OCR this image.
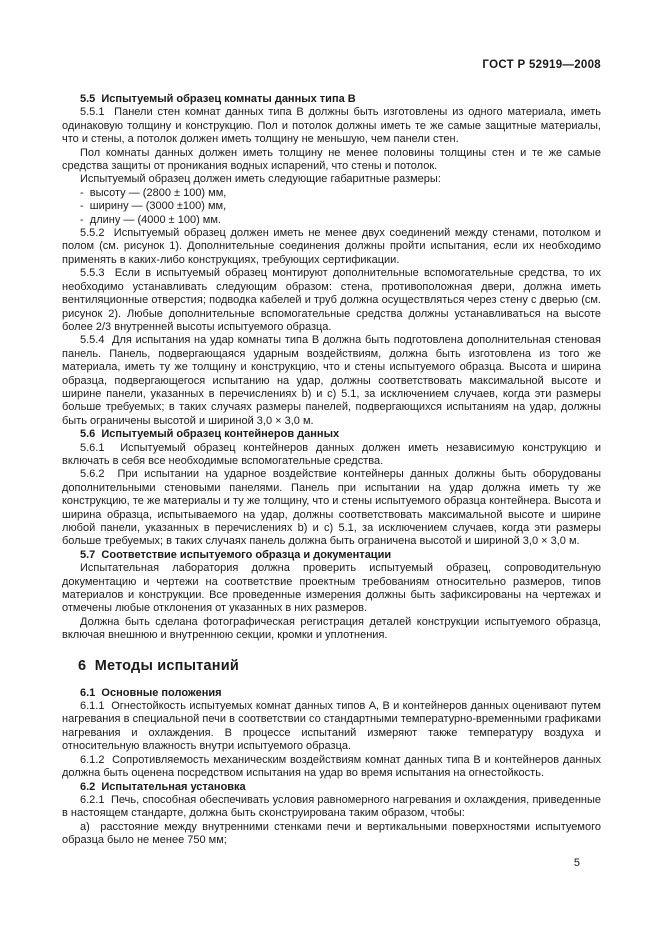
ГОСТ Р 52919—2008
5.5  Испытуемый образец комнаты данных типа В
5.5.1  Панели стен комнат данных типа В должны быть изготовлены из одного материала, иметь одинаковую толщину и конструкцию. Пол и потолок должны иметь те же самые защитные материалы, что и стены, а потолок должен иметь толщину не меньшую, чем панели стен.
Пол комнаты данных должен иметь толщину не менее половины толщины стен и те же самые средства защиты от проникания водных испарений, что стены и потолок.
Испытуемый образец должен иметь следующие габаритные размеры:
-  высоту — (2800 ± 100) мм,
-  ширину — (3000 ±100) мм,
-  длину — (4000 ± 100) мм.
5.5.2  Испытуемый образец должен иметь не менее двух соединений между стенами, потолком и полом (см. рисунок 1). Дополнительные соединения должны пройти испытания, если их необходимо применять в каких-либо конструкциях, требующих сертификации.
5.5.3  Если в испытуемый образец монтируют дополнительные вспомогательные средства, то их необходимо устанавливать следующим образом: стена, противоположная двери, должна иметь вентиляционные отверстия; подводка кабелей и труб должна осуществляться через стену с дверью (см. рисунок 2). Любые дополнительные вспомогательные средства должны устанавливаться на высоте более 2/3 внутренней высоты испытуемого образца.
5.5.4  Для испытания на удар комнаты типа В должна быть подготовлена дополнительная стеновая панель. Панель, подвергающаяся ударным воздействиям, должна быть изготовлена из того же материала, иметь ту же толщину и конструкцию, что и стены испытуемого образца. Высота и ширина образца, подвергающегося испытанию на удар, должны соответствовать максимальной высоте и ширине панели, указанных в перечислениях b) и c) 5.1, за исключением случаев, когда эти размеры больше требуемых; в таких случаях размеры панелей, подвергающихся испытаниям на удар, должны быть ограничены высотой и шириной 3,0 × 3,0 м.
5.6  Испытуемый образец контейнеров данных
5.6.1  Испытуемый образец контейнеров данных должен иметь независимую конструкцию и включать в себя все необходимые вспомогательные средства.
5.6.2  При испытании на ударное воздействие контейнеры данных должны быть оборудованы дополнительными стеновыми панелями. Панель при испытании на удар должна иметь ту же конструкцию, те же материалы и ту же толщину, что и стены испытуемого образца контейнера. Высота и ширина образца, испытываемого на удар, должны соответствовать максимальной высоте и ширине любой панели, указанных в перечислениях b) и c) 5.1, за исключением случаев, когда эти размеры больше требуемых; в таких случаях панель должна быть ограничена высотой и шириной 3,0 × 3,0 м.
5.7  Соответствие испытуемого образца и документации
Испытательная лаборатория должна проверить испытуемый образец, сопроводительную документацию и чертежи на соответствие проектным требованиям относительно размеров, типов материалов и конструкции. Все проведенные измерения должны быть зафиксированы на чертежах и отмечены любые отклонения от указанных в них размеров.
Должна быть сделана фотографическая регистрация деталей конструкции испытуемого образца, включая внешнюю и внутреннюю секции, кромки и уплотнения.
6  Методы испытаний
6.1  Основные положения
6.1.1  Огнестойкость испытуемых комнат данных типов А, В и контейнеров данных оценивают путем нагревания в специальной печи в соответствии со стандартными температурно-временными графиками нагревания и охлаждения. В процессе испытаний измеряют также температуру воздуха и относительную влажность внутри испытуемого образца.
6.1.2  Сопротивляемость механическим воздействиям комнат данных типа В и контейнеров данных должна быть оценена посредством испытания на удар во время испытания на огнестойкость.
6.2  Испытательная установка
6.2.1  Печь, способная обеспечивать условия равномерного нагревания и охлаждения, приведенные в настоящем стандарте, должна быть сконструирована таким образом, чтобы:
а)  расстояние между внутренними стенками печи и вертикальными поверхностями испытуемого образца было не менее 750 мм;
5
